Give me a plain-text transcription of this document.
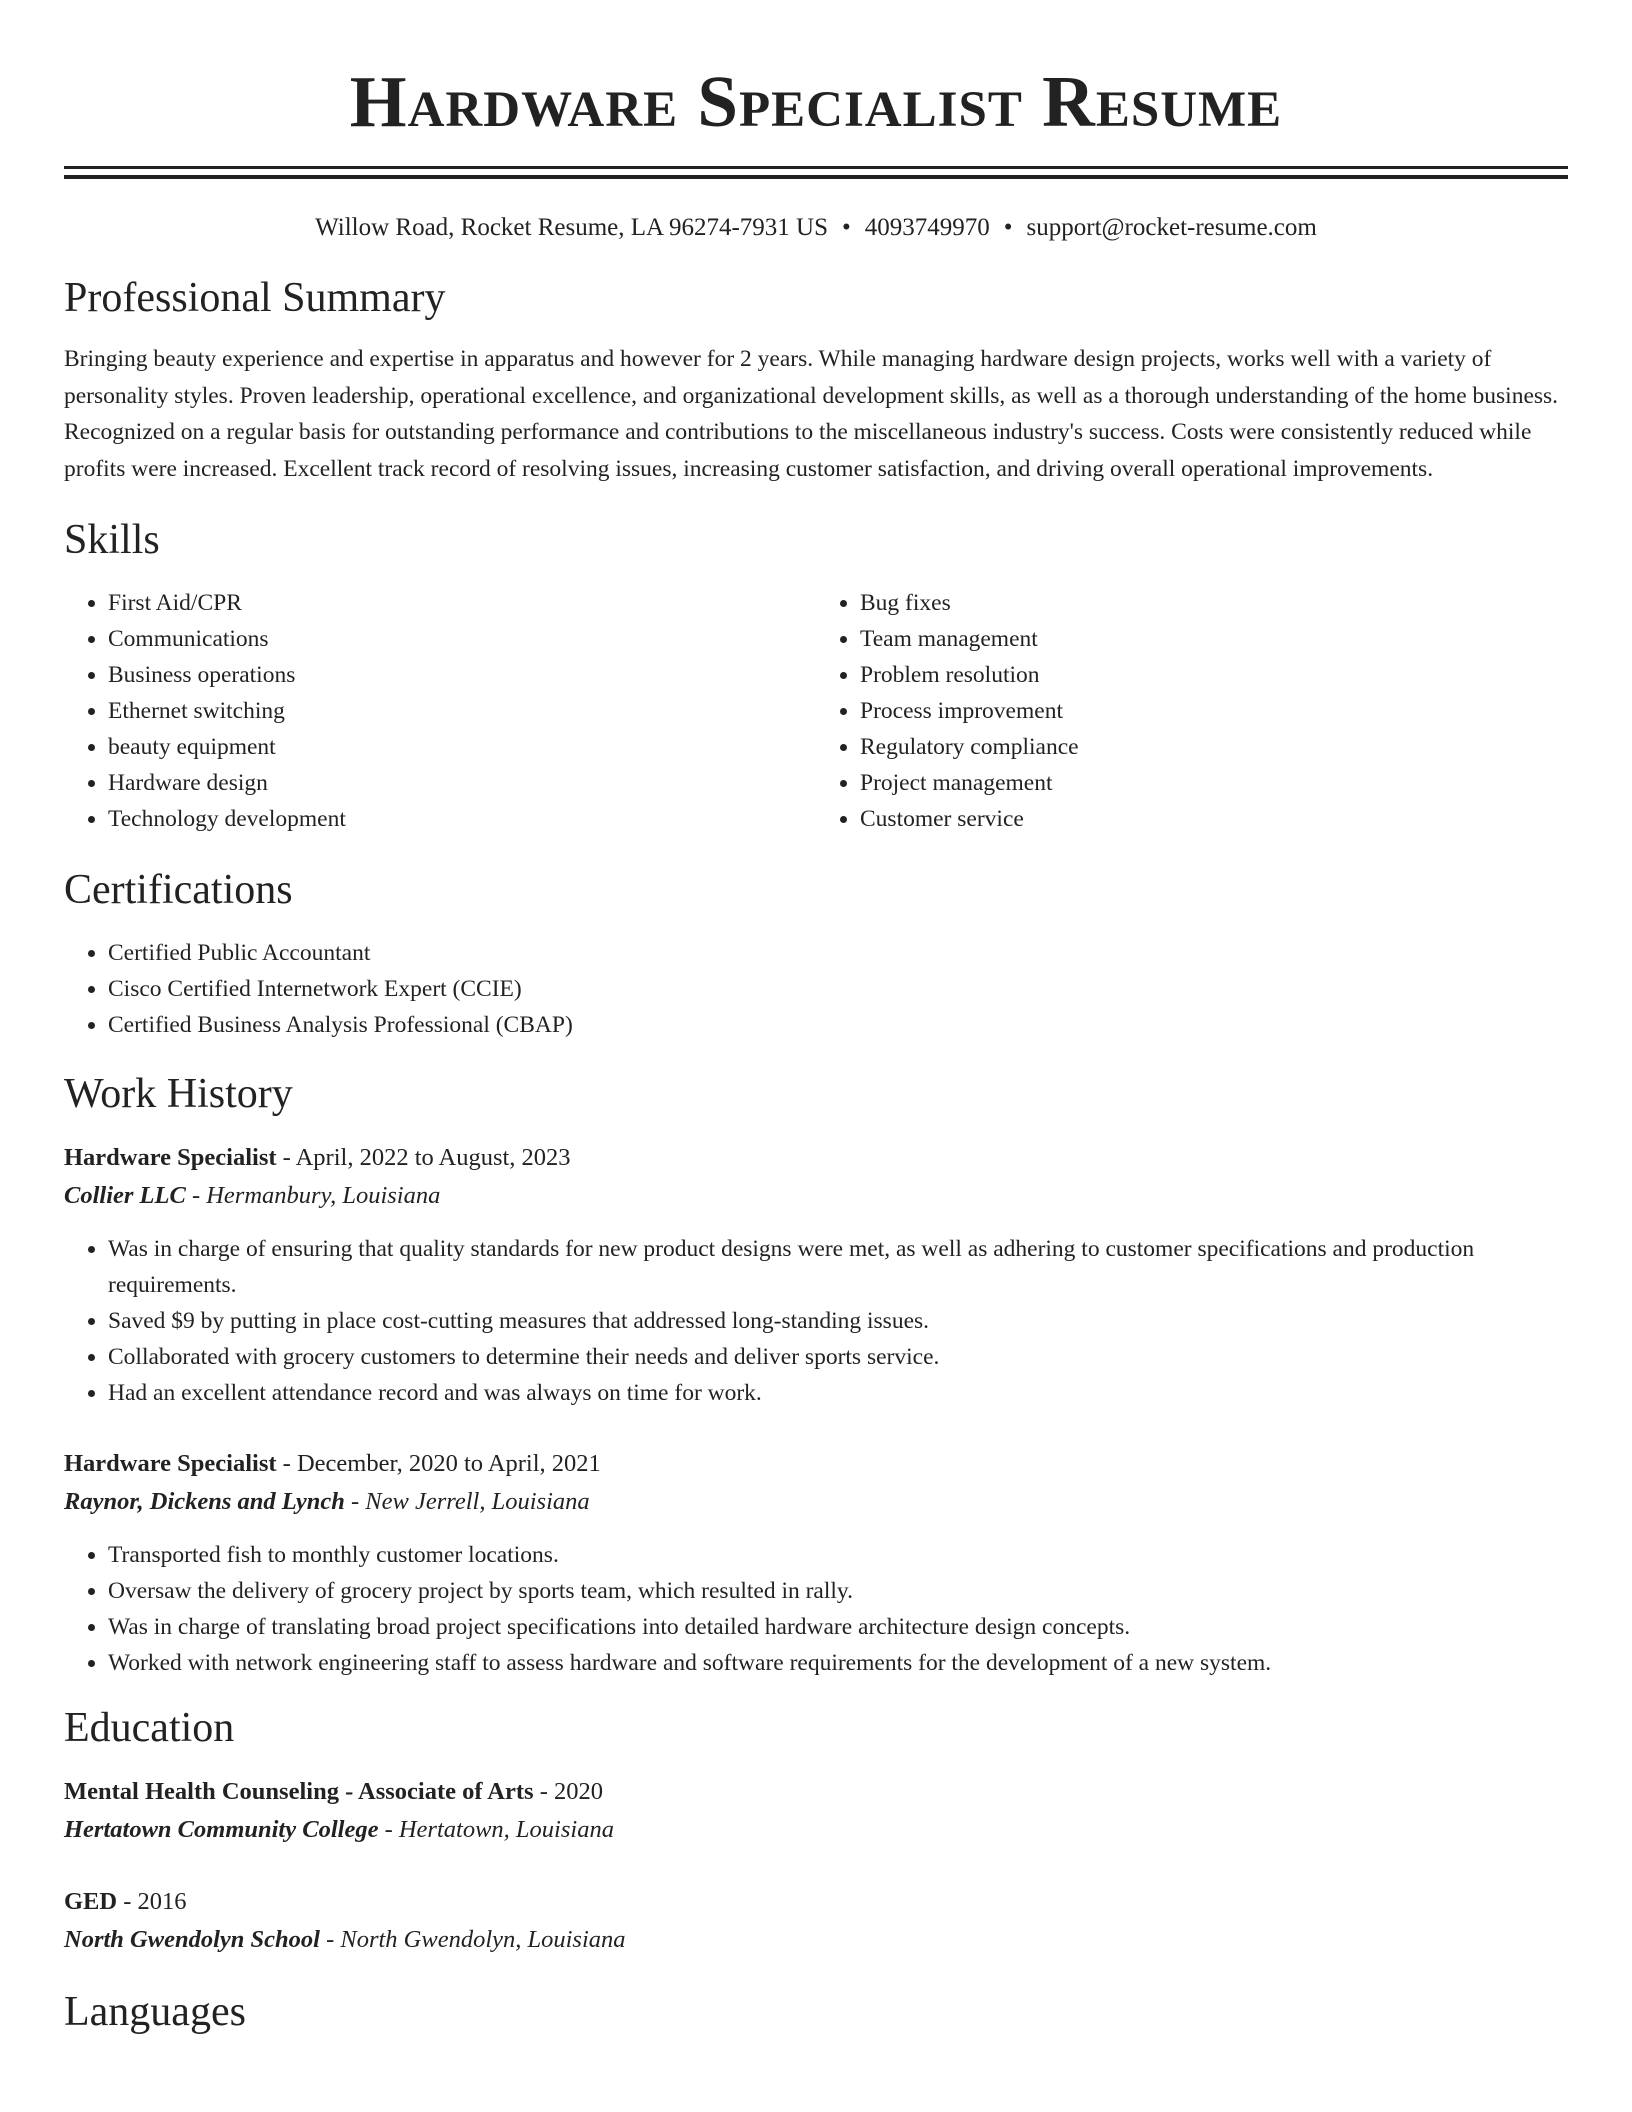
Hardware Specialist Resume
Willow Road, Rocket Resume, LA 96274-7931 US • 4093749970 • support@rocket-resume.com
Professional Summary
Bringing beauty experience and expertise in apparatus and however for 2 years. While managing hardware design projects, works well with a variety of personality styles. Proven leadership, operational excellence, and organizational development skills, as well as a thorough understanding of the home business. Recognized on a regular basis for outstanding performance and contributions to the miscellaneous industry's success. Costs were consistently reduced while profits were increased. Excellent track record of resolving issues, increasing customer satisfaction, and driving overall operational improvements.
Skills
• First Aid/CPR
• Communications
• Business operations
• Ethernet switching
• beauty equipment
• Hardware design
• Technology development
• Bug fixes
• Team management
• Problem resolution
• Process improvement
• Regulatory compliance
• Project management
• Customer service
Certifications
• Certified Public Accountant
• Cisco Certified Internetwork Expert (CCIE)
• Certified Business Analysis Professional (CBAP)
Work History
Hardware Specialist - April, 2022 to August, 2023
Collier LLC - Hermanbury, Louisiana
• Was in charge of ensuring that quality standards for new product designs were met, as well as adhering to customer specifications and production requirements.
• Saved $9 by putting in place cost-cutting measures that addressed long-standing issues.
• Collaborated with grocery customers to determine their needs and deliver sports service.
• Had an excellent attendance record and was always on time for work.
Hardware Specialist - December, 2020 to April, 2021
Raynor, Dickens and Lynch - New Jerrell, Louisiana
• Transported fish to monthly customer locations.
• Oversaw the delivery of grocery project by sports team, which resulted in rally.
• Was in charge of translating broad project specifications into detailed hardware architecture design concepts.
• Worked with network engineering staff to assess hardware and software requirements for the development of a new system.
Education
Mental Health Counseling - Associate of Arts - 2020
Hertatown Community College - Hertatown, Louisiana
GED - 2016
North Gwendolyn School - North Gwendolyn, Louisiana
Languages
